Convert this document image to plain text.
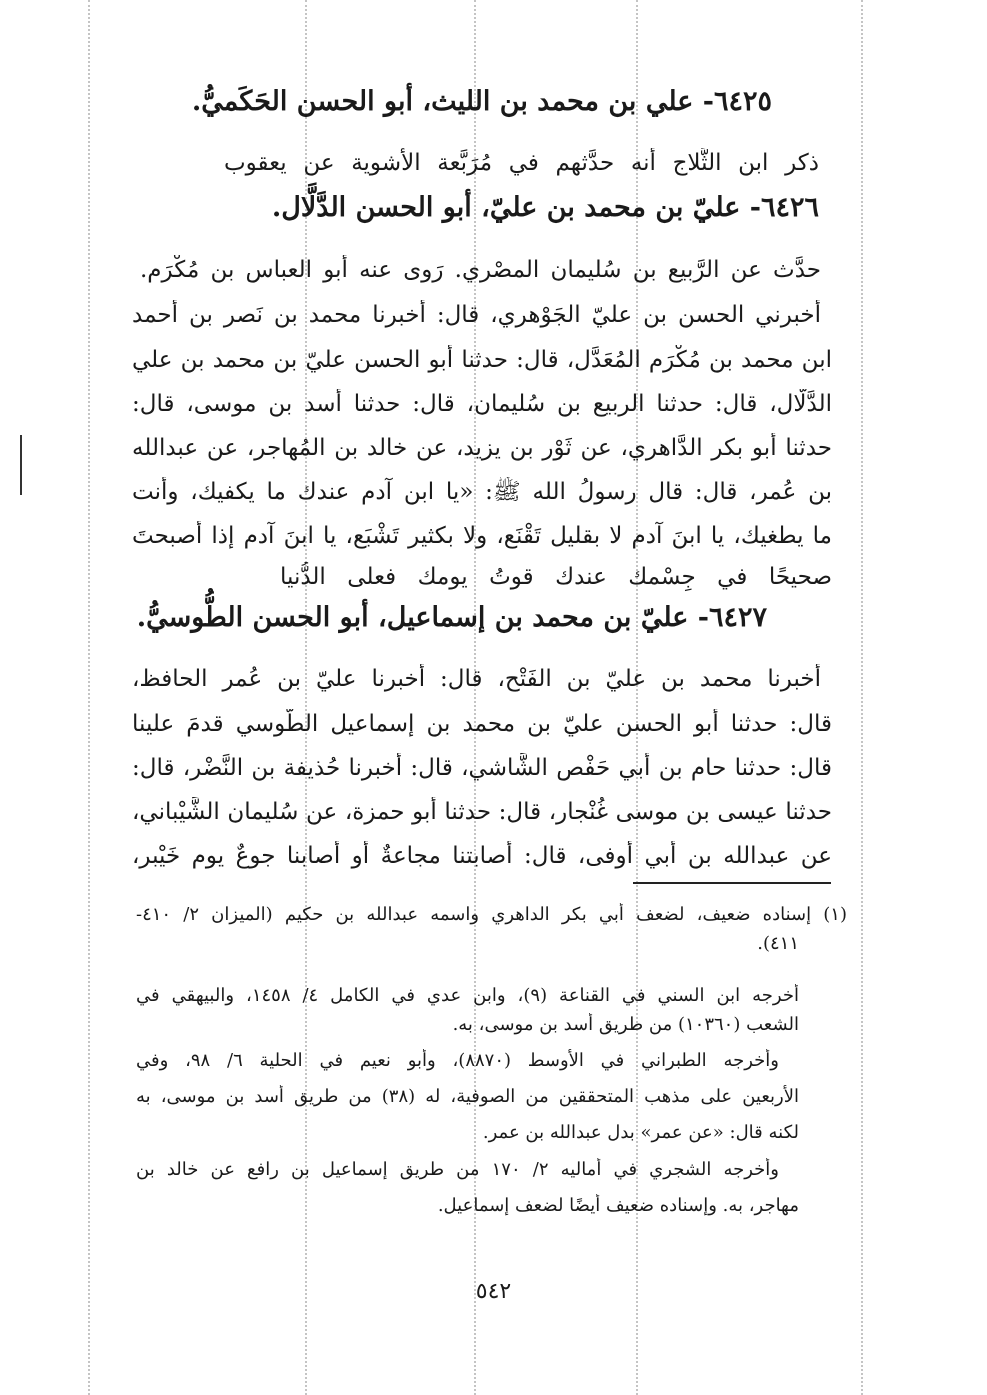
٦٤٢٥- علي بن محمد بن الليث، أبو الحسن الحَكَميُّ.
ذكر ابن الثَّلاج أنه حدَّثهم في مُرَبَّعة الأشوية عن يعقوب
٦٤٢٦- عليّ بن محمد بن عليّ، أبو الحسن الدَّلَّال.
حدَّث عن الرَّبيع بن سُليمان المصْري. رَوى عنه أبو العباس بن مُكْرَم.
أخبرني الحسن بن عليّ الجَوْهري، قال: أخبرنا محمد بن نَصر بن أحمد
ابن محمد بن مُكْرَم المُعَدَّل، قال: حدثنا أبو الحسن عليّ بن محمد بن علي
الدَّلَّال، قال: حدثنا الربيع بن سُليمان، قال: حدثنا أسد بن موسى، قال:
حدثنا أبو بكر الدَّاهري، عن ثَوْر بن يزيد، عن خالد بن المُهاجر، عن عبدالله
بن عُمر، قال: قال رسولُ الله ﷺ: «يا ابن آدم عندك ما يكفيك، وأنت
ما يطغيك، يا ابنَ آدم لا بقليل تَقْنَع، ولا بكثير تَشْبَع، يا ابنَ آدم إذا أصبحتَ
صحيحًا في جِسْمك عندك قوتُ يومك فعلى الدُّنيا
٦٤٢٧- عليّ بن محمد بن إسماعيل، أبو الحسن الطُّوسيُّ.
أخبرنا محمد بن عليّ بن الفَتْح، قال: أخبرنا عليّ بن عُمر الحافظ،
قال: حدثنا أبو الحسن عليّ بن محمد بن إسماعيل الطُّوسي قدمَ علينا
قال: حدثنا حام بن أبي حَفْص الشَّاشي، قال: أخبرنا حُذيفة بن النَّضْر، قال:
حدثنا عيسى بن موسى غُنْجار، قال: حدثنا أبو حمزة، عن سُليمان الشَّيْباني،
عن عبدالله بن أبي أوفى، قال: أصابتنا مجاعةٌ أو أصابنا جوعٌ يوم خَيْبر،
(١) إسناده ضعيف، لضعف أبي بكر الداهري واسمه عبدالله بن حكيم (الميزان ٢/ ٤١٠-
٤١١).
أخرجه ابن السني في القناعة (٩)، وابن عدي في الكامل ٤/ ١٤٥٨، والبيهقي في
الشعب (١٠٣٦٠) من طريق أسد بن موسى، به.
وأخرجه الطبراني في الأوسط (٨٨٧٠)، وأبو نعيم في الحلية ٦/ ٩٨، وفي
الأربعين على مذهب المتحققين من الصوفية، له (٣٨) من طريق أسد بن موسى، به
لكنه قال: «عن عمر» بدل عبدالله بن عمر.
وأخرجه الشجري في أماليه ٢/ ١٧٠ من طريق إسماعيل بن رافع عن خالد بن
مهاجر، به. وإسناده ضعيف أيضًا لضعف إسماعيل.
٥٤٢
